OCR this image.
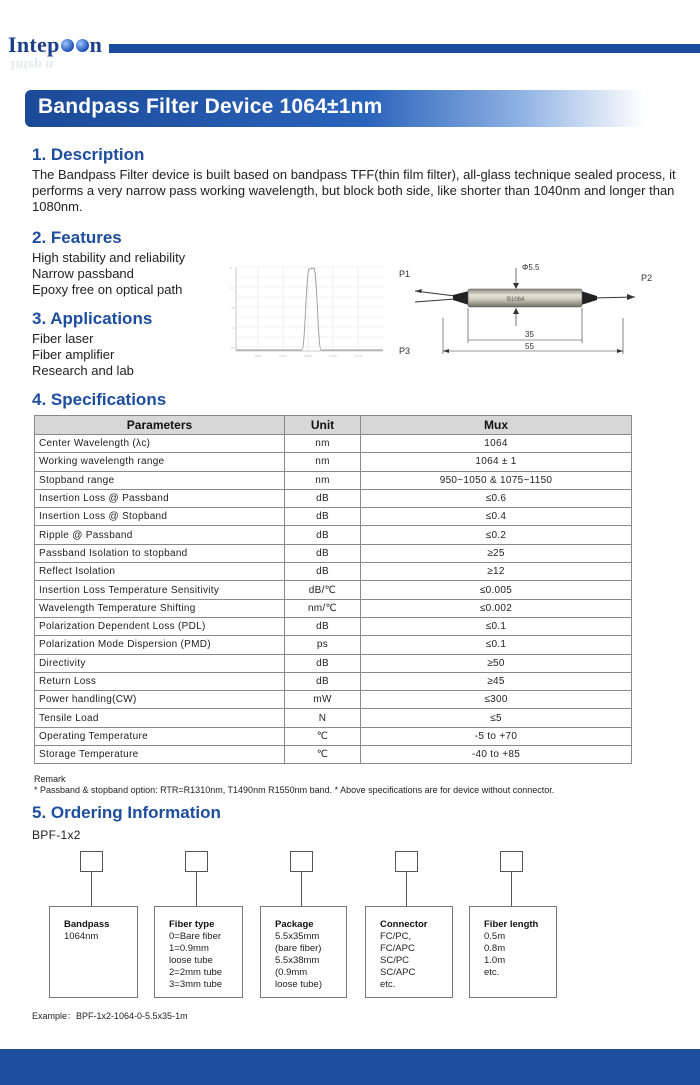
Intep n
Intep n
Bandpass Filter Device 1064±1nm
1. Description
The Bandpass Filter device is built based on bandpass TFF(thin film filter), all-glass technique sealed process, it performs a very narrow pass working wavelength, but block both side, like shorter than 1040nm and longer than 1080nm.
2. Features
High stability and reliability
Narrow passband
Epoxy free on optical path
3. Applications
Fiber laser
Fiber amplifier
Research and lab
0
-5
-10
-15
-20
1000	1030	1060	1090	1120
P1	P2
P3
Φ5.5
B1064
35
55
4. Specifications
Parameters	Unit	Mux
Center Wavelength (λc)	nm	1064
Working wavelength range	nm	1064 ± 1
Stopband range	nm	950~1050 & 1075~1150
Insertion Loss @ Passband	dB	≤0.6
Insertion Loss @ Stopband	dB	≤0.4
Ripple @ Passband	dB	≤0.2
Passband Isolation to stopband	dB	≥25
Reflect Isolation	dB	≥12
Insertion Loss Temperature Sensitivity	dB/℃	≤0.005
Wavelength Temperature Shifting	nm/℃	≤0.002
Polarization Dependent Loss (PDL)	dB	≤0.1
Polarization Mode Dispersion (PMD)	ps	≤0.1
Directivity	dB	≥50
Return Loss	dB	≥45
Power handling(CW)	mW	≤300
Tensile Load	N	≤5
Operating Temperature	℃	-5 to +70
Storage Temperature	℃	-40 to +85
Remark
* Passband & stopband option: RTR=R1310nm, T1490nm R1550nm band. * Above specifications are for device without connector.
5. Ordering Information
BPF-1x2
Bandpass
1064nm
Fiber type
0=Bare fiber
1=0.9mm
loose tube
2=2mm tube
3=3mm tube
Package
5.5x35mm
(bare fiber)
5.5x38mm
(0.9mm
loose tube)
Connector
FC/PC,
FC/APC
SC/PC
SC/APC
etc.
Fiber length
0.5m
0.8m
1.0m
etc.
Example：BPF-1x2-1064-0-5.5x35-1m
